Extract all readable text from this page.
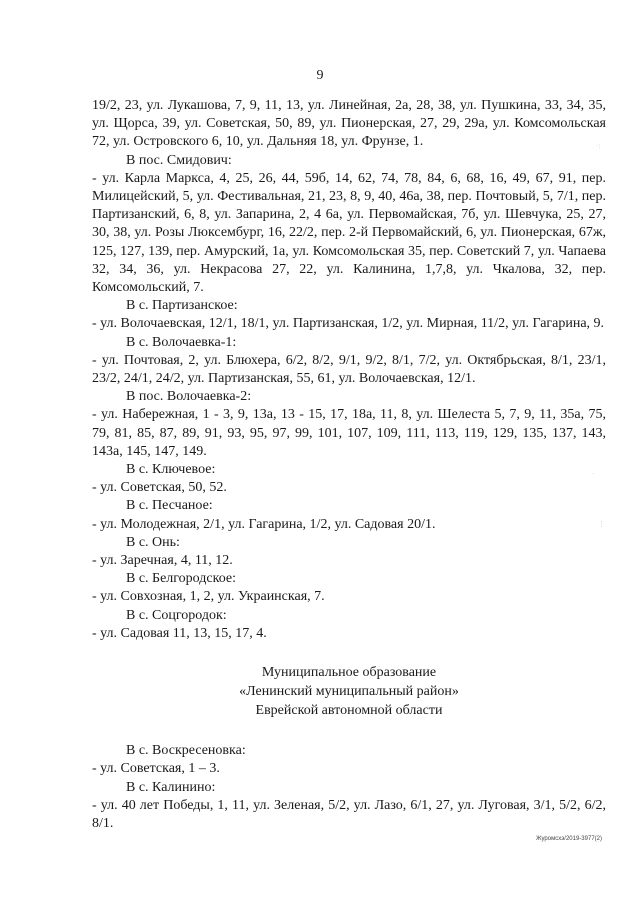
9

19/2, 23, ул. Лукашова, 7, 9, 11, 13, ул. Линейная, 2а, 28, 38, ул. Пушкина, 33, 34, 35, ул. Щорса, 39, ул. Советская, 50, 89, ул. Пионерская, 27, 29, 29а, ул. Комсомольская 72, ул. Островского 6, 10, ул. Дальняя 18, ул. Фрунзе, 1.

В пос. Смидович:

- ул. Карла Маркса, 4, 25, 26, 44, 59б, 14, 62, 74, 78, 84, 6, 68, 16, 49, 67, 91, пер. Милицейский, 5, ул. Фестивальная, 21, 23, 8, 9, 40, 46а, 38, пер. Почтовый, 5, 7/1, пер. Партизанский, 6, 8, ул. Запарина, 2, 4 6а, ул. Первомайская, 7б, ул. Шевчука, 25, 27, 30, 38, ул. Розы Люксембург, 16, 22/2, пер. 2-й Первомайский, 6, ул. Пионерская, 67ж, 125, 127, 139, пер. Амурский, 1а, ул. Комсомольская 35, пер. Советский 7, ул. Чапаева 32, 34, 36, ул. Некрасова 27, 22, ул. Калинина, 1,7,8, ул. Чкалова, 32, пер. Комсомольский, 7.

В с. Партизанское:

- ул. Волочаевская, 12/1, 18/1, ул. Партизанская, 1/2, ул. Мирная, 11/2, ул. Гагарина, 9.

В с. Волочаевка-1:

- ул. Почтовая, 2, ул. Блюхера, 6/2, 8/2, 9/1, 9/2, 8/1, 7/2, ул. Октябрьская, 8/1, 23/1, 23/2, 24/1, 24/2, ул. Партизанская, 55, 61, ул. Волочаевская, 12/1.

В пос. Волочаевка-2:

- ул. Набережная, 1 - 3, 9, 13а, 13 - 15, 17, 18а, 11, 8, ул. Шелеста 5, 7, 9, 11, 35а, 75, 79, 81, 85, 87, 89, 91, 93, 95, 97, 99, 101, 107, 109, 111, 113, 119, 129, 135, 137, 143, 143а, 145, 147, 149.

В с. Ключевое:

- ул. Советская, 50, 52.

В с. Песчаное:

- ул. Молодежная, 2/1, ул. Гагарина, 1/2, ул. Садовая 20/1.

В с. Онь:

- ул. Заречная, 4, 11, 12.

В с. Белгородское:

- ул. Совхозная, 1, 2, ул. Украинская, 7.

В с. Соцгородок:

- ул. Садовая 11, 13, 15, 17, 4.

Муниципальное образование
«Ленинский муниципальный район»
Еврейской автономной области

В с. Воскресеновка:

- ул. Советская, 1 – 3.

В с. Калинино:

- ул. 40 лет Победы, 1, 11, ул. Зеленая, 5/2, ул. Лазо, 6/1, 27, ул. Луговая, 3/1, 5/2, 6/2, 8/1.

Журомсхэ/2019-3977(2)
·:
·
⋮
